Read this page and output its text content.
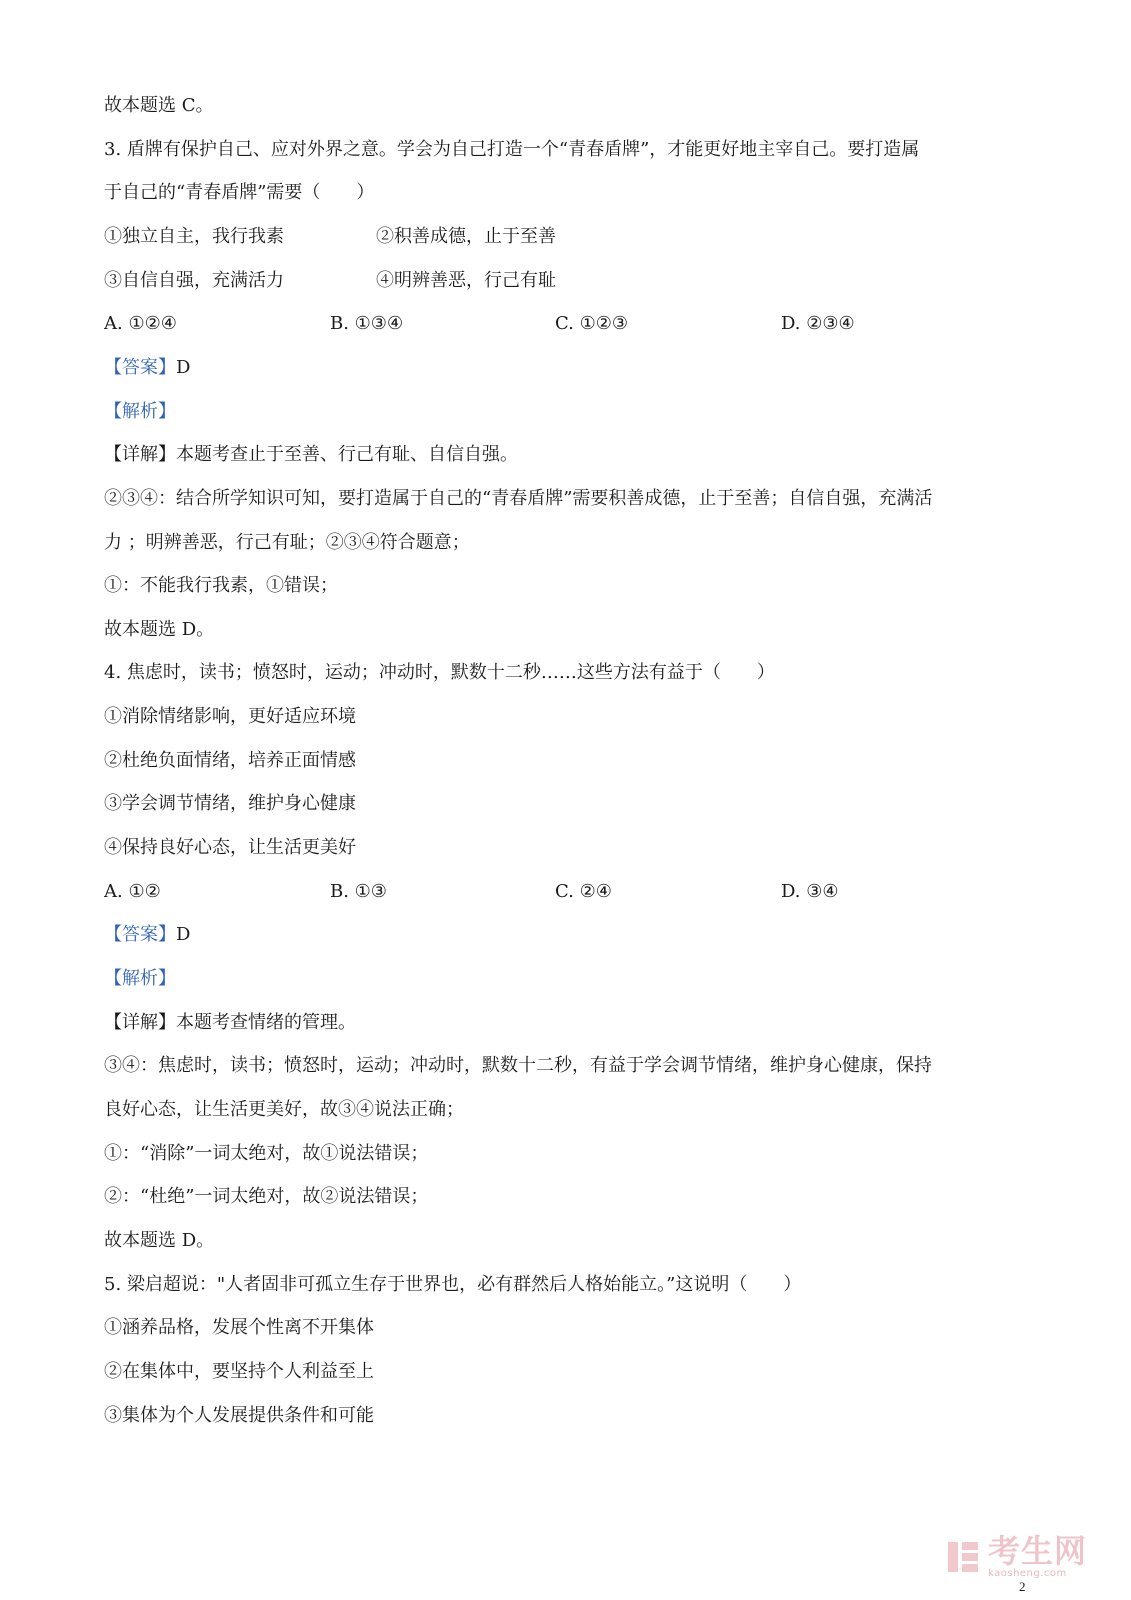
故本题选 C。
3. 盾牌有保护自己、应对外界之意。学会为自己打造一个“青春盾牌”，才能更好地主宰自己。要打造属
于自己的“青春盾牌”需要（　　）
①独立自主，我行我素	②积善成德，止于至善
③自信自强，充满活力	④明辨善恶，行己有耻
A. ①②④	B. ①③④	C. ①②③	D. ②③④
【答案】D
【解析】
【详解】本题考查止于至善、行己有耻、自信自强。
②③④：结合所学知识可知，要打造属于自己的“青春盾牌”需要积善成德，止于至善；自信自强，充满活
力 ；明辨善恶，行己有耻；②③④符合题意；
①：不能我行我素，①错误；
故本题选 D。
4. 焦虑时，读书；愤怒时，运动；冲动时，默数十二秒……这些方法有益于（　　）
①消除情绪影响，更好适应环境
②杜绝负面情绪，培养正面情感
③学会调节情绪，维护身心健康
④保持良好心态，让生活更美好
A. ①②	B. ①③	C. ②④	D. ③④
【答案】D
【解析】
【详解】本题考查情绪的管理。
③④：焦虑时，读书；愤怒时，运动；冲动时，默数十二秒，有益于学会调节情绪，维护身心健康，保持
良好心态，让生活更美好，故③④说法正确；
①：“消除”一词太绝对，故①说法错误；
②：“杜绝”一词太绝对，故②说法错误；
故本题选 D。
5. 梁启超说："人者固非可孤立生存于世界也，必有群然后人格始能立。”这说明（　　）
①涵养品格，发展个性离不开集体
②在集体中，要坚持个人利益至上
③集体为个人发展提供条件和可能
考生网
kaosheng.com
2
